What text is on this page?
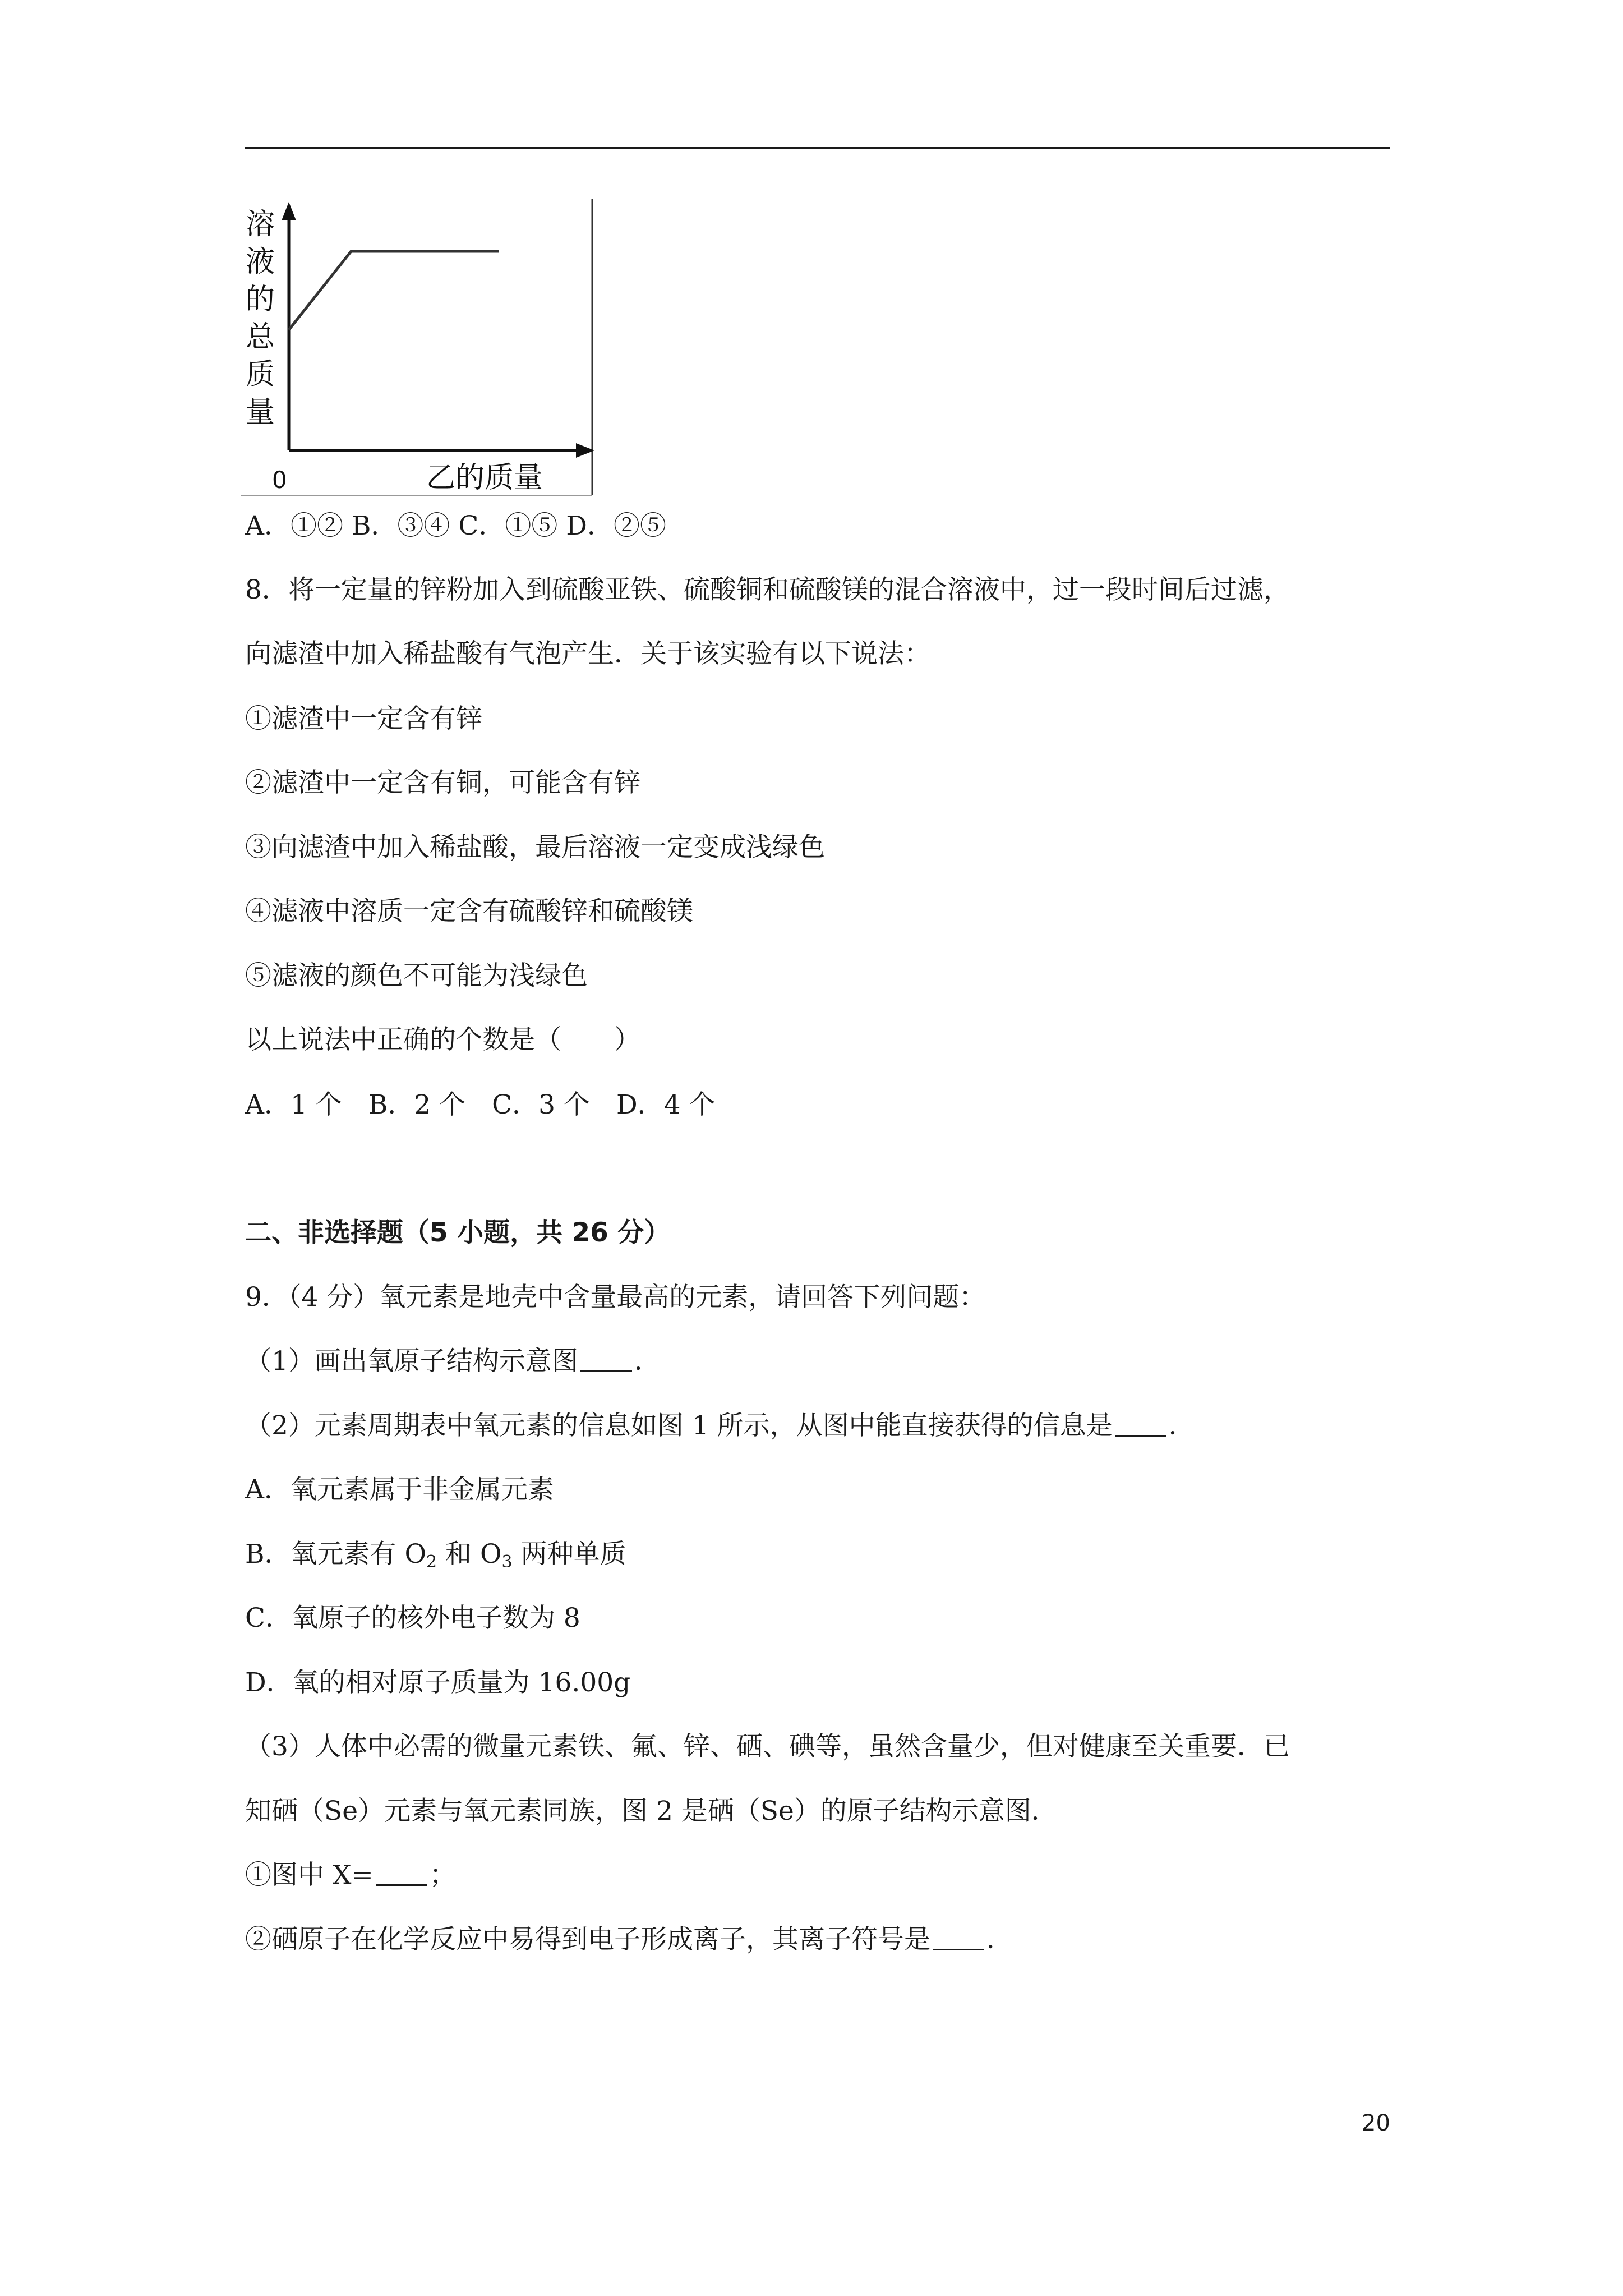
溶
液
的
总
质
量
0	乙的质量
A．①② B．③④ C．①⑤ D．②⑤
8．将一定量的锌粉加入到硫酸亚铁、硫酸铜和硫酸镁的混合溶液中，过一段时间后过滤，
向滤渣中加入稀盐酸有气泡产生．关于该实验有以下说法：
①滤渣中一定含有锌
②滤渣中一定含有铜，可能含有锌
③向滤渣中加入稀盐酸，最后溶液一定变成浅绿色
④滤液中溶质一定含有硫酸锌和硫酸镁
⑤滤液的颜色不可能为浅绿色
以上说法中正确的个数是（　　）
A．1 个　B．2 个　C．3 个　D．4 个
二、非选择题（5 小题，共 26 分）
9．（4 分）氧元素是地壳中含量最高的元素，请回答下列问题：
（1）画出氧原子结构示意图 ．
（2）元素周期表中氧元素的信息如图 1 所示，从图中能直接获得的信息是 ．
A．氧元素属于非金属元素
B．氧元素有 $O_2$ 和 $O_3$ 两种单质
C．氧原子的核外电子数为 8
D．氧的相对原子质量为 16.00g
（3）人体中必需的微量元素铁、氟、锌、硒、碘等，虽然含量少，但对健康至关重要．已
知硒（Se）元素与氧元素同族，图 2 是硒（Se）的原子结构示意图．
①图中 X= ；
②硒原子在化学反应中易得到电子形成离子，其离子符号是 ．
20
